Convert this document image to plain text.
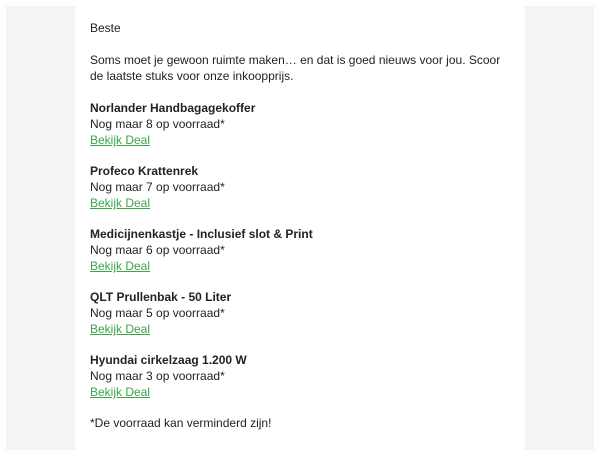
Beste

Soms moet je gewoon ruimte maken… en dat is goed nieuws voor jou. Scoor de laatste stuks voor onze inkoopprijs.

Norlander Handbagagekoffer

Nog maar 8 op voorraad*

Bekijk Deal

Profeco Krattenrek

Nog maar 7 op voorraad*

Bekijk Deal

Medicijnenkastje - Inclusief slot & Print

Nog maar 6 op voorraad*

Bekijk Deal

QLT Prullenbak - 50 Liter

Nog maar 5 op voorraad*

Bekijk Deal

Hyundai cirkelzaag 1.200 W

Nog maar 3 op voorraad*

Bekijk Deal

*De voorraad kan verminderd zijn!
